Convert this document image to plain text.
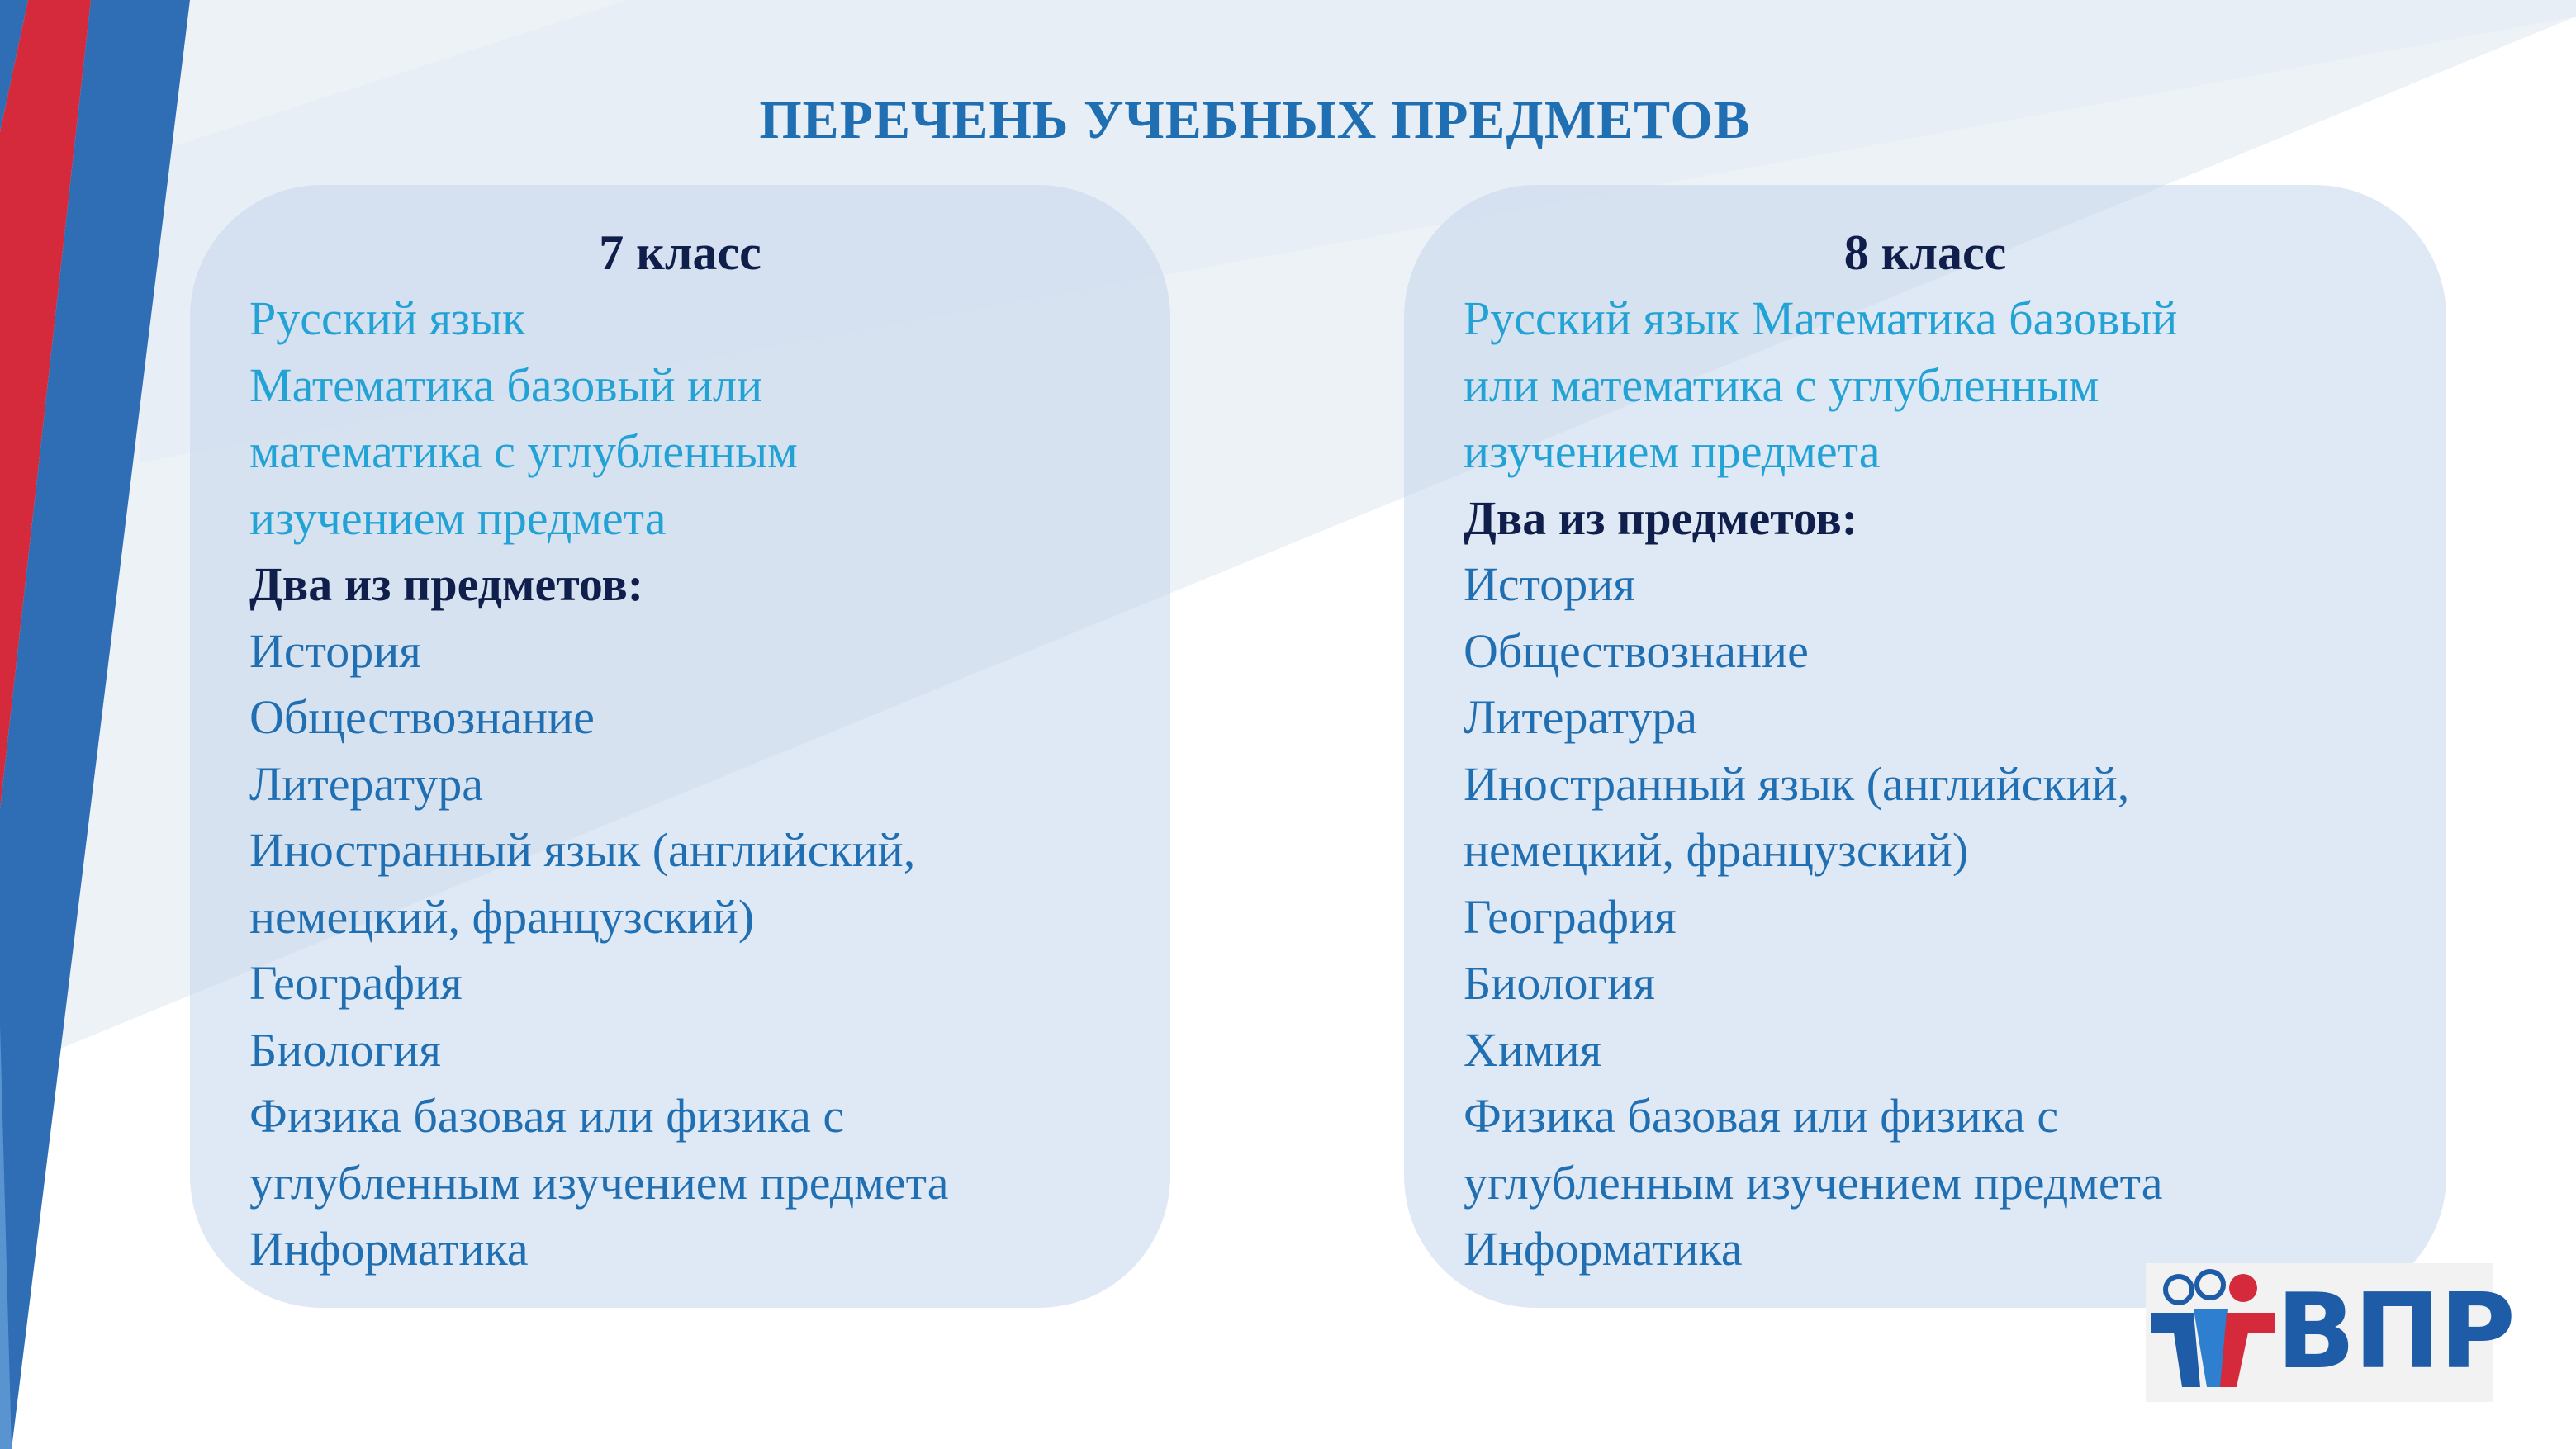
ПЕРЕЧЕНЬ УЧЕБНЫХ ПРЕДМЕТОВ
7 класс
Русский язык
Математика базовый или
математика с углубленным
изучением предмета
Два из предметов:
История
Обществознание
Литература
Иностранный язык (английский,
немецкий, французский)
География
Биология
Физика базовая или физика с
углубленным изучением предмета
Информатика
8 класс
Русский язык Математика базовый
или математика с углубленным
изучением предмета
Два из предметов:
История
Обществознание
Литература
Иностранный язык (английский,
немецкий, французский)
География
Биология
Химия
Физика базовая или физика с
углубленным изучением предмета
Информатика
ВПР
